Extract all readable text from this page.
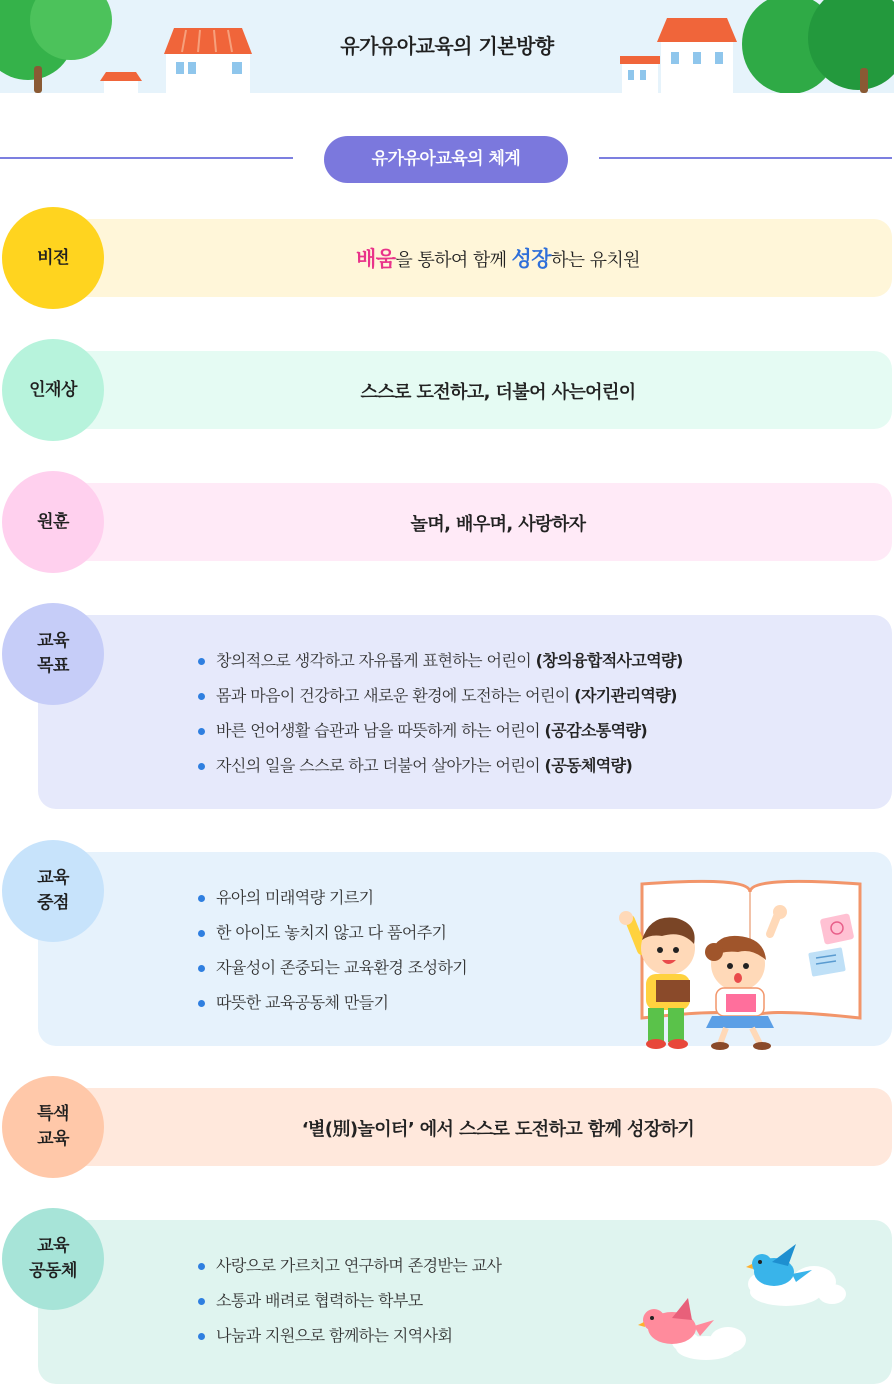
유가유아교육의 기본방향
유가유아교육의 체계
배움을 통하여 함께 성장하는 유치원
비전
스스로 도전하고, 더불어 사는어린이
인재상
놀며, 배우며, 사랑하자
원훈
교육
목표	창의적으로 생각하고 자유롭게 표현하는 어린이 (창의융합적사고역량)
몸과 마음이 건강하고 새로운 환경에 도전하는 어린이 (자기관리역량)
바른 언어생활 습관과 남을 따뜻하게 하는 어린이 (공감소통역량)
자신의 일을 스스로 하고 더불어 살아가는 어린이 (공동체역량)
교육
중점	유아의 미래역량 기르기
한 아이도 놓치지 않고 다 품어주기
자율성이 존중되는 교육환경 조성하기
따뜻한 교육공동체 만들기
‘별(別)놀이터’ 에서 스스로 도전하고 함께 성장하기
특색
교육
교육
공동체	사랑으로 가르치고 연구하며 존경받는 교사
소통과 배려로 협력하는 학부모
나눔과 지원으로 함께하는 지역사회
